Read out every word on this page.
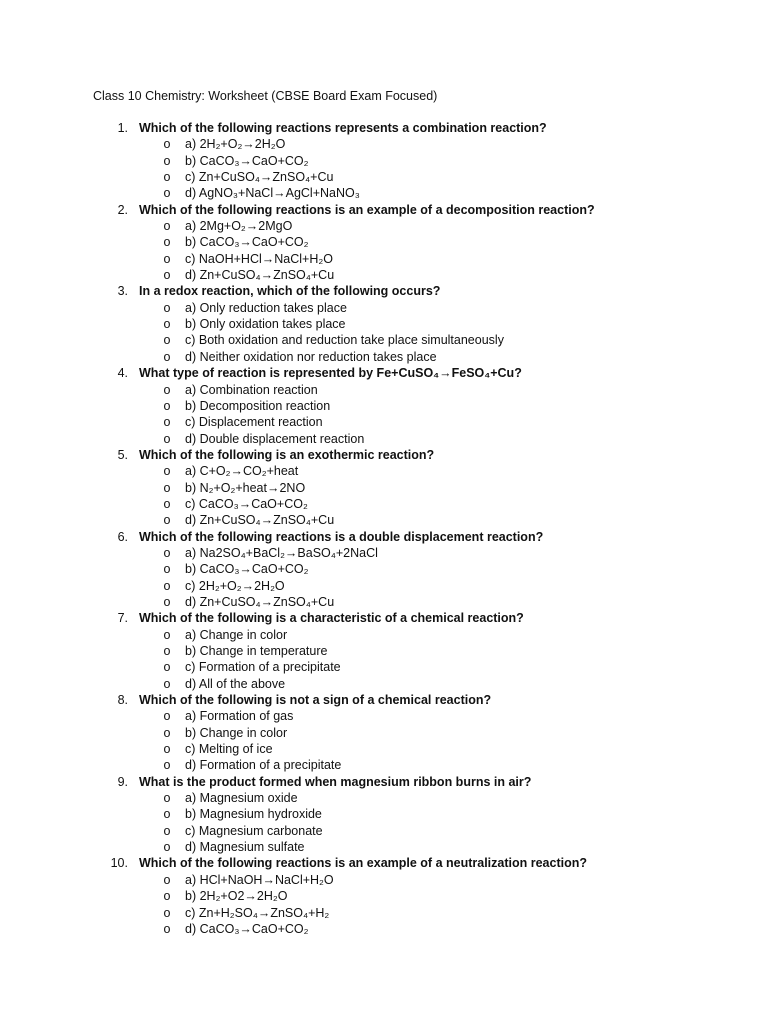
Class 10 Chemistry: Worksheet (CBSE Board Exam Focused)
1. Which of the following reactions represents a combination reaction?
o a) 2H₂+O₂→2H₂O
o b) CaCO₃→CaO+CO₂
o c) Zn+CuSO₄→ZnSO₄+Cu
o d) AgNO₃+NaCl→AgCl+NaNO₃
2. Which of the following reactions is an example of a decomposition reaction?
o a) 2Mg+O₂→2MgO
o b) CaCO₃→CaO+CO₂
o c) NaOH+HCl→NaCl+H₂O
o d) Zn+CuSO₄→ZnSO₄+Cu
3. In a redox reaction, which of the following occurs?
o a) Only reduction takes place
o b) Only oxidation takes place
o c) Both oxidation and reduction take place simultaneously
o d) Neither oxidation nor reduction takes place
4. What type of reaction is represented by Fe+CuSO₄→FeSO₄+Cu?
o a) Combination reaction
o b) Decomposition reaction
o c) Displacement reaction
o d) Double displacement reaction
5. Which of the following is an exothermic reaction?
o a) C+O₂→CO₂+heat
o b) N₂+O₂+heat→2NO
o c) CaCO₃→CaO+CO₂
o d) Zn+CuSO₄→ZnSO₄+Cu
6. Which of the following reactions is a double displacement reaction?
o a) Na2SO₄+BaCl₂→BaSO₄+2NaCl
o b) CaCO₃→CaO+CO₂
o c) 2H₂+O₂→2H₂O
o d) Zn+CuSO₄→ZnSO₄+Cu
7. Which of the following is a characteristic of a chemical reaction?
o a) Change in color
o b) Change in temperature
o c) Formation of a precipitate
o d) All of the above
8. Which of the following is not a sign of a chemical reaction?
o a) Formation of gas
o b) Change in color
o c) Melting of ice
o d) Formation of a precipitate
9. What is the product formed when magnesium ribbon burns in air?
o a) Magnesium oxide
o b) Magnesium hydroxide
o c) Magnesium carbonate
o d) Magnesium sulfate
10. Which of the following reactions is an example of a neutralization reaction?
o a) HCl+NaOH→NaCl+H₂O
o b) 2H₂+O2→2H₂O
o c) Zn+H₂SO₄→ZnSO₄+H₂
o d) CaCO₃→CaO+CO₂
